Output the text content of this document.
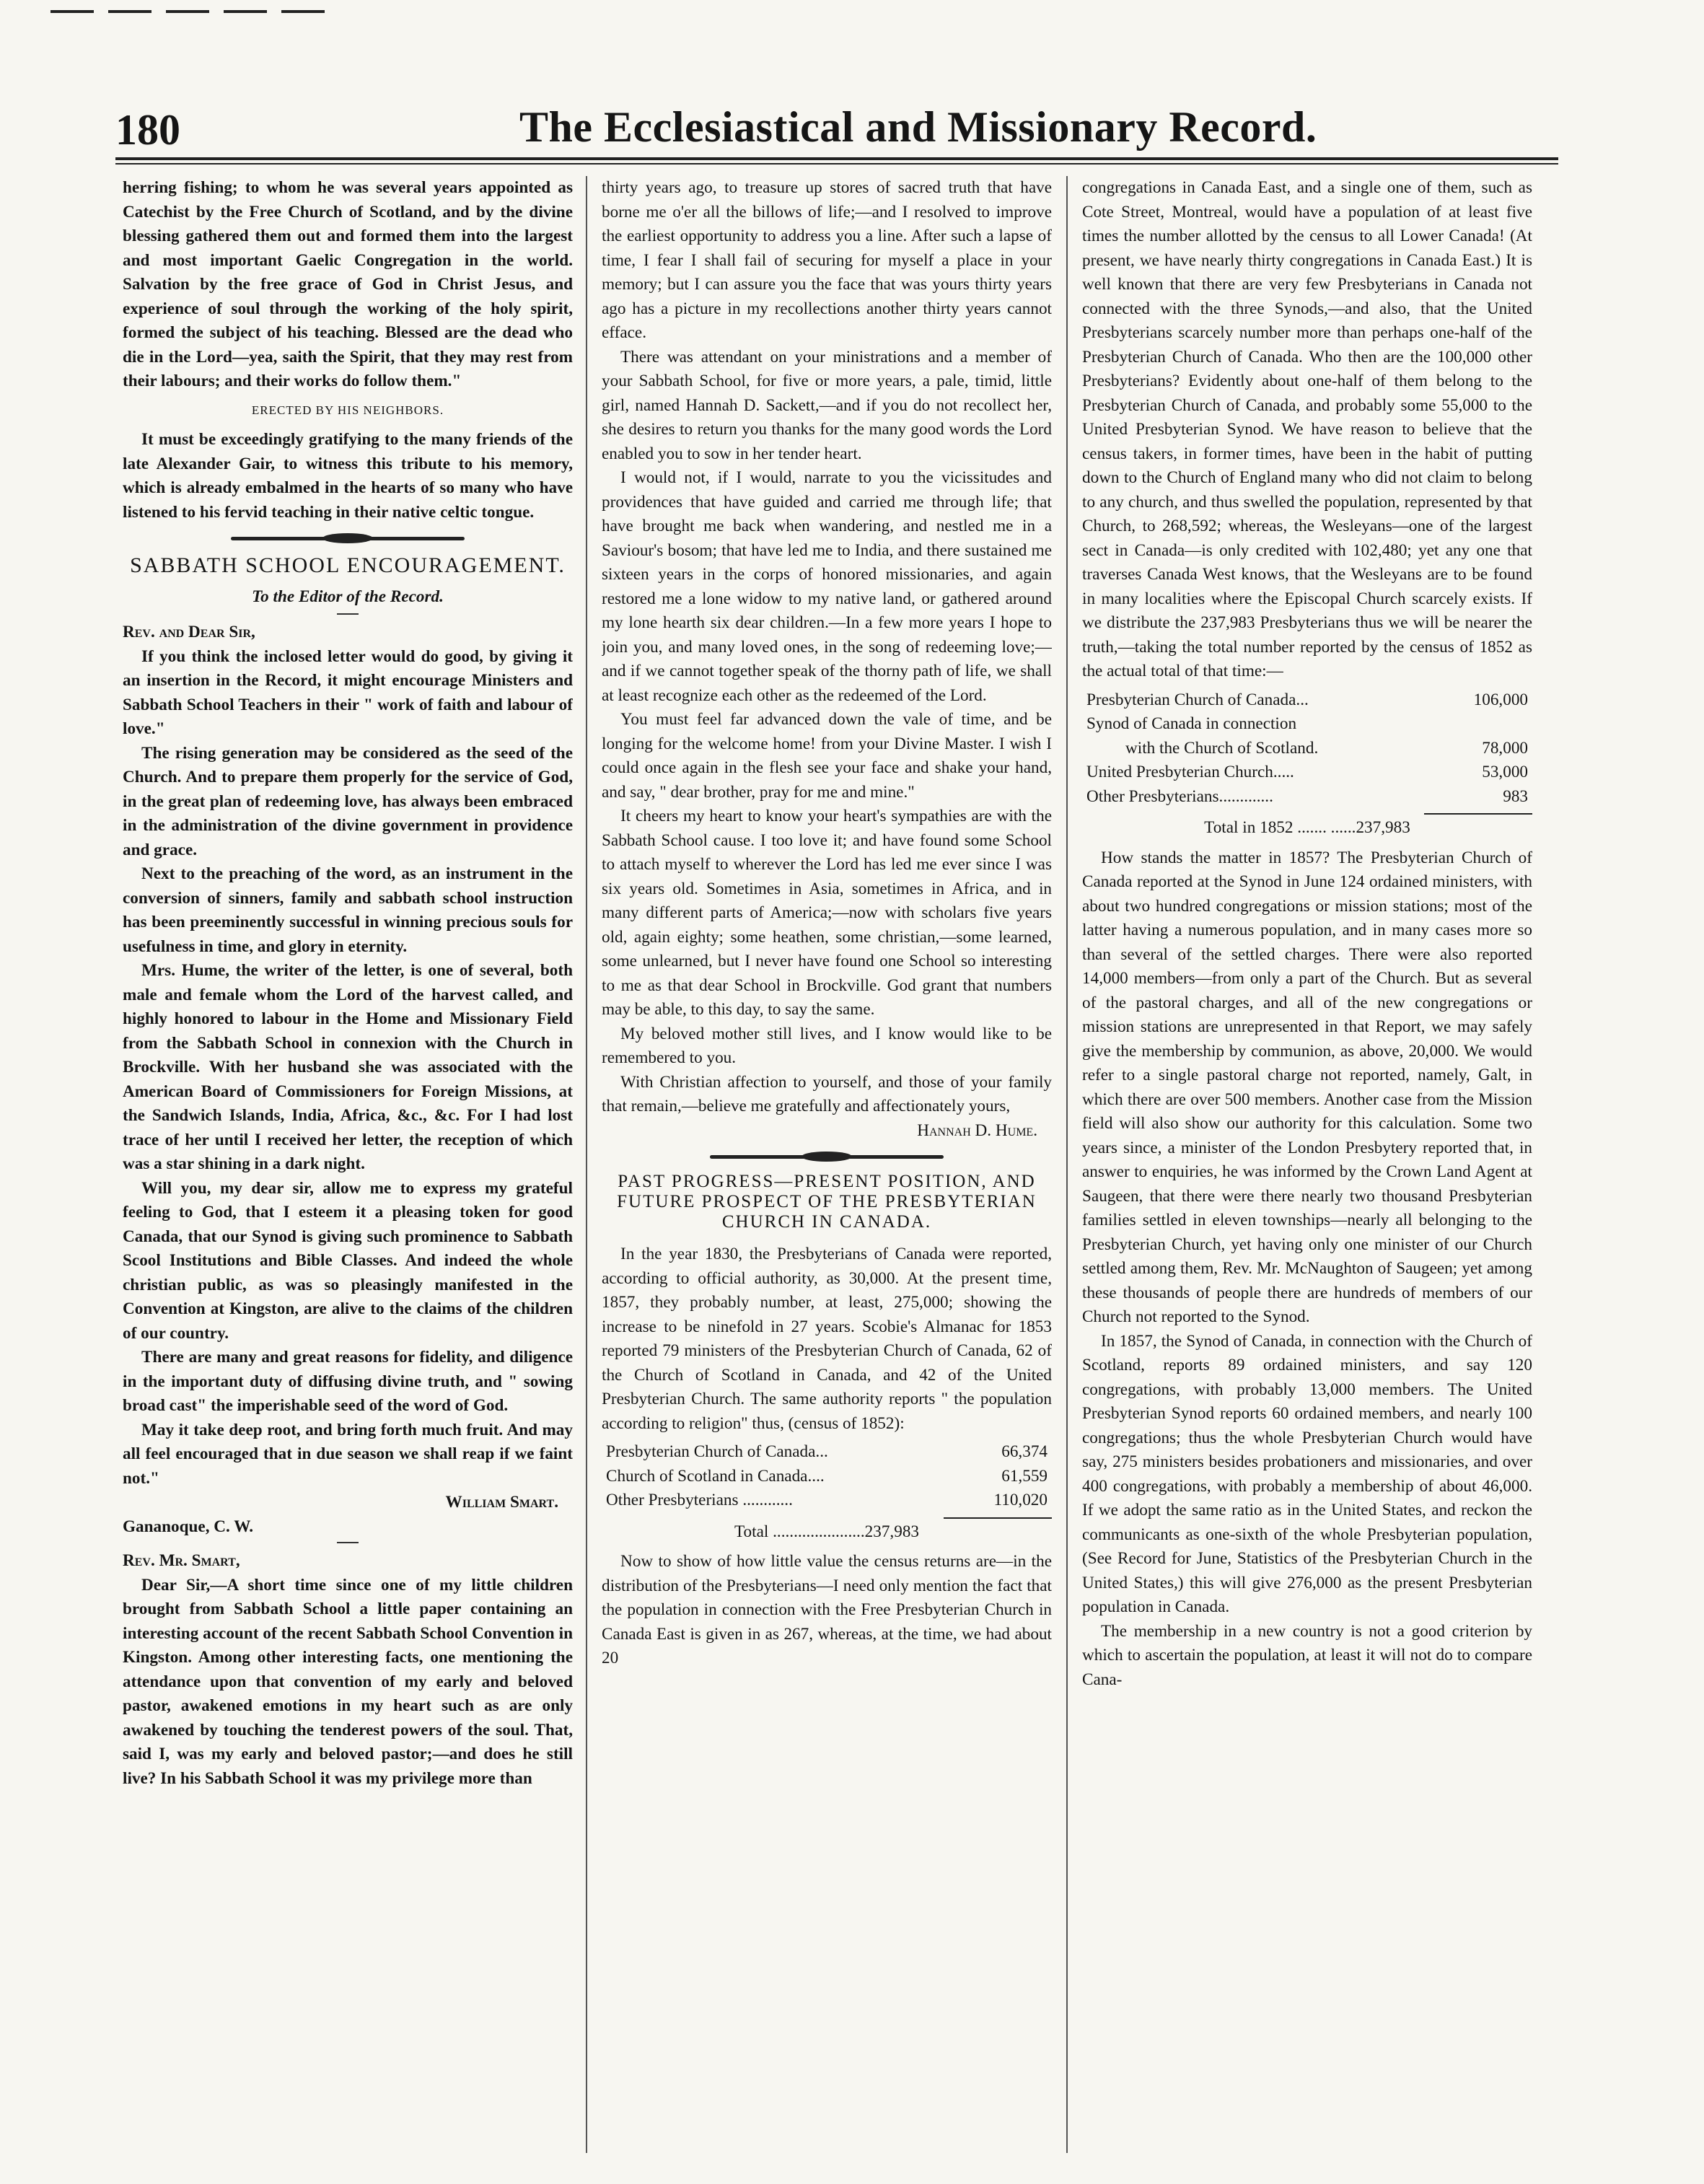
180	The Ecclesiastical and Missionary Record.

herring fishing; to whom he was several years appointed as Catechist by the Free Church of Scotland, and by the divine blessing gathered them out and formed them into the largest and most important Gaelic Congregation in the world. Salvation by the free grace of God in Christ Jesus, and experience of soul through the working of the holy spirit, formed the subject of his teaching. Blessed are the dead who die in the Lord—yea, saith the Spirit, that they may rest from their labours; and their works do follow them."

ERECTED BY HIS NEIGHBORS.

It must be exceedingly gratifying to the many friends of the late Alexander Gair, to witness this tribute to his memory, which is already embalmed in the hearts of so many who have listened to his fervid teaching in their native celtic tongue.

SABBATH SCHOOL ENCOURAGEMENT.
To the Editor of the Record.

Rev. and Dear Sir,

If you think the inclosed letter would do good, by giving it an insertion in the Record, it might encourage Ministers and Sabbath School Teachers in their " work of faith and labour of love."

The rising generation may be considered as the seed of the Church. And to prepare them properly for the service of God, in the great plan of redeeming love, has always been embraced in the administration of the divine government in providence and grace.

Next to the preaching of the word, as an instrument in the conversion of sinners, family and sabbath school instruction has been preeminently successful in winning precious souls for usefulness in time, and glory in eternity.

Mrs. Hume, the writer of the letter, is one of several, both male and female whom the Lord of the harvest called, and highly honored to labour in the Home and Missionary Field from the Sabbath School in connexion with the Church in Brockville. With her husband she was associated with the American Board of Commissioners for Foreign Missions, at the Sandwich Islands, India, Africa, &c., &c. For I had lost trace of her until I received her letter, the reception of which was a star shining in a dark night.

Will you, my dear sir, allow me to express my grateful feeling to God, that I esteem it a pleasing token for good Canada, that our Synod is giving such prominence to Sabbath Scool Institutions and Bible Classes. And indeed the whole christian public, as was so pleasingly manifested in the Convention at Kingston, are alive to the claims of the children of our country.

There are many and great reasons for fidelity, and diligence in the important duty of diffusing divine truth, and " sowing broad cast" the imperishable seed of the word of God.

May it take deep root, and bring forth much fruit. And may all feel encouraged that in due season we shall reap if we faint not."

William Smart.

Gananoque, C. W.

Rev. Mr. Smart,

Dear Sir,—A short time since one of my little children brought from Sabbath School a little paper containing an interesting account of the recent Sabbath School Convention in Kingston. Among other interesting facts, one mentioning the attendance upon that convention of my early and beloved pastor, awakened emotions in my heart such as are only awakened by touching the tenderest powers of the soul. That, said I, was my early and beloved pastor;—and does he still live? In his Sabbath School it was my privilege more than

thirty years ago, to treasure up stores of sacred truth that have borne me o'er all the billows of life;—and I resolved to improve the earliest opportunity to address you a line. After such a lapse of time, I fear I shall fail of securing for myself a place in your memory; but I can assure you the face that was yours thirty years ago has a picture in my recollections another thirty years cannot efface.

There was attendant on your ministrations and a member of your Sabbath School, for five or more years, a pale, timid, little girl, named Hannah D. Sackett,—and if you do not recollect her, she desires to return you thanks for the many good words the Lord enabled you to sow in her tender heart.

I would not, if I would, narrate to you the vicissitudes and providences that have guided and carried me through life; that have brought me back when wandering, and nestled me in a Saviour's bosom; that have led me to India, and there sustained me sixteen years in the corps of honored missionaries, and again restored me a lone widow to my native land, or gathered around my lone hearth six dear children.—In a few more years I hope to join you, and many loved ones, in the song of redeeming love;—and if we cannot together speak of the thorny path of life, we shall at least recognize each other as the redeemed of the Lord.

You must feel far advanced down the vale of time, and be longing for the welcome home! from your Divine Master. I wish I could once again in the flesh see your face and shake your hand, and say, " dear brother, pray for me and mine."

It cheers my heart to know your heart's sympathies are with the Sabbath School cause. I too love it; and have found some School to attach myself to wherever the Lord has led me ever since I was six years old. Sometimes in Asia, sometimes in Africa, and in many different parts of America;—now with scholars five years old, again eighty; some heathen, some christian,—some learned, some unlearned, but I never have found one School so interesting to me as that dear School in Brockville. God grant that numbers may be able, to this day, to say the same.

My beloved mother still lives, and I know would like to be remembered to you.

With Christian affection to yourself, and those of your family that remain,—believe me gratefully and affectionately yours,

Hannah D. Hume.

PAST PROGRESS—PRESENT POSITION, AND FUTURE PROSPECT OF THE PRESBYTERIAN CHURCH IN CANADA.

In the year 1830, the Presbyterians of Canada were reported, according to official authority, as 30,000. At the present time, 1857, they probably number, at least, 275,000; showing the increase to be ninefold in 27 years. Scobie's Almanac for 1853 reported 79 ministers of the Presbyterian Church of Canada, 62 of the Church of Scotland in Canada, and 42 of the United Presbyterian Church. The same authority reports " the population according to religion" thus, (census of 1852):

Presbyterian Church of Canada...	66,374
Church of Scotland in Canada....	61,559
Other Presbyterians ............	110,020
Total ......................237,983

Now to show of how little value the census returns are—in the distribution of the Presbyterians—I need only mention the fact that the population in connection with the Free Presbyterian Church in Canada East is given in as 267, whereas, at the time, we had about 20

congregations in Canada East, and a single one of them, such as Cote Street, Montreal, would have a population of at least five times the number allotted by the census to all Lower Canada! (At present, we have nearly thirty congregations in Canada East.) It is well known that there are very few Presbyterians in Canada not connected with the three Synods,—and also, that the United Presbyterians scarcely number more than perhaps one-half of the Presbyterian Church of Canada. Who then are the 100,000 other Presbyterians? Evidently about one-half of them belong to the Presbyterian Church of Canada, and probably some 55,000 to the United Presbyterian Synod. We have reason to believe that the census takers, in former times, have been in the habit of putting down to the Church of England many who did not claim to belong to any church, and thus swelled the population, represented by that Church, to 268,592; whereas, the Wesleyans—one of the largest sect in Canada—is only credited with 102,480; yet any one that traverses Canada West knows, that the Wesleyans are to be found in many localities where the Episcopal Church scarcely exists. If we distribute the 237,983 Presbyterians thus we will be nearer the truth,—taking the total number reported by the census of 1852 as the actual total of that time:—

Presbyterian Church of Canada...	106,000
Synod of Canada in connection
with the Church of Scotland.	78,000
United Presbyterian Church.....	53,000
Other Presbyterians.............	983
Total in 1852 ....... ......237,983

How stands the matter in 1857? The Presbyterian Church of Canada reported at the Synod in June 124 ordained ministers, with about two hundred congregations or mission stations; most of the latter having a numerous population, and in many cases more so than several of the settled charges. There were also reported 14,000 members—from only a part of the Church. But as several of the pastoral charges, and all of the new congregations or mission stations are unrepresented in that Report, we may safely give the membership by communion, as above, 20,000. We would refer to a single pastoral charge not reported, namely, Galt, in which there are over 500 members. Another case from the Mission field will also show our authority for this calculation. Some two years since, a minister of the London Presbytery reported that, in answer to enquiries, he was informed by the Crown Land Agent at Saugeen, that there were there nearly two thousand Presbyterian families settled in eleven townships—nearly all belonging to the Presbyterian Church, yet having only one minister of our Church settled among them, Rev. Mr. McNaughton of Saugeen; yet among these thousands of people there are hundreds of members of our Church not reported to the Synod.

In 1857, the Synod of Canada, in connection with the Church of Scotland, reports 89 ordained ministers, and say 120 congregations, with probably 13,000 members. The United Presbyterian Synod reports 60 ordained members, and nearly 100 congregations; thus the whole Presbyterian Church would have say, 275 ministers besides probationers and missionaries, and over 400 congregations, with probably a membership of about 46,000. If we adopt the same ratio as in the United States, and reckon the communicants as one-sixth of the whole Presbyterian population, (See Record for June, Statistics of the Presbyterian Church in the United States,) this will give 276,000 as the present Presbyterian population in Canada.

The membership in a new country is not a good criterion by which to ascertain the population, at least it will not do to compare Cana-
